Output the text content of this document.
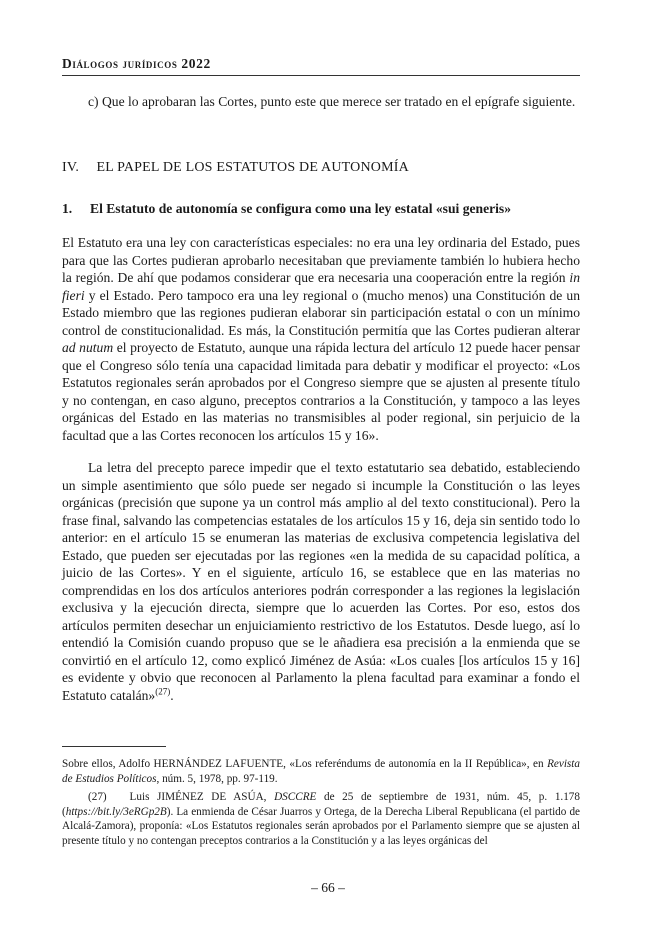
Diálogos jurídicos 2022
c) Que lo aprobaran las Cortes, punto este que merece ser tratado en el epígrafe siguiente.
IV. EL PAPEL DE LOS ESTATUTOS DE AUTONOMÍA
1. El Estatuto de autonomía se configura como una ley estatal «sui generis»
El Estatuto era una ley con características especiales: no era una ley ordinaria del Estado, pues para que las Cortes pudieran aprobarlo necesitaban que previamente también lo hubiera hecho la región. De ahí que podamos considerar que era necesaria una cooperación entre la región in fieri y el Estado. Pero tampoco era una ley regional o (mucho menos) una Constitución de un Estado miembro que las regiones pudieran elaborar sin participación estatal o con un mínimo control de constitucionalidad. Es más, la Constitución permitía que las Cortes pudieran alterar ad nutum el proyecto de Estatuto, aunque una rápida lectura del artículo 12 puede hacer pensar que el Congreso sólo tenía una capacidad limitada para debatir y modificar el proyecto: «Los Estatutos regionales serán aprobados por el Congreso siempre que se ajusten al presente título y no contengan, en caso alguno, preceptos contrarios a la Constitución, y tampoco a las leyes orgánicas del Estado en las materias no transmisibles al poder regional, sin perjuicio de la facultad que a las Cortes reconocen los artículos 15 y 16».
La letra del precepto parece impedir que el texto estatutario sea debatido, estableciendo un simple asentimiento que sólo puede ser negado si incumple la Constitución o las leyes orgánicas (precisión que supone ya un control más amplio al del texto constitucional). Pero la frase final, salvando las competencias estatales de los artículos 15 y 16, deja sin sentido todo lo anterior: en el artículo 15 se enumeran las materias de exclusiva competencia legislativa del Estado, que pueden ser ejecutadas por las regiones «en la medida de su capacidad política, a juicio de las Cortes». Y en el siguiente, artículo 16, se establece que en las materias no comprendidas en los dos artículos anteriores podrán corresponder a las regiones la legislación exclusiva y la ejecución directa, siempre que lo acuerden las Cortes. Por eso, estos dos artículos permiten desechar un enjuiciamiento restrictivo de los Estatutos. Desde luego, así lo entendió la Comisión cuando propuso que se le añadiera esa precisión a la enmienda que se convirtió en el artículo 12, como explicó Jiménez de Asúa: «Los cuales [los artículos 15 y 16] es evidente y obvio que reconocen al Parlamento la plena facultad para examinar a fondo el Estatuto catalán»$^{(27)}$.
Sobre ellos, Adolfo HERNÁNDEZ LAFUENTE, «Los referéndums de autonomía en la II República», en Revista de Estudios Políticos, núm. 5, 1978, pp. 97-119.
(27) Luis JIMÉNEZ DE ASÚA, DSCCRE de 25 de septiembre de 1931, núm. 45, p. 1.178 (https://bit.ly/3eRGp2B). La enmienda de César Juarros y Ortega, de la Derecha Liberal Republicana (el partido de Alcalá-Zamora), proponía: «Los Estatutos regionales serán aprobados por el Parlamento siempre que se ajusten al presente título y no contengan preceptos contrarios a la Constitución y a las leyes orgánicas del
– 66 –
